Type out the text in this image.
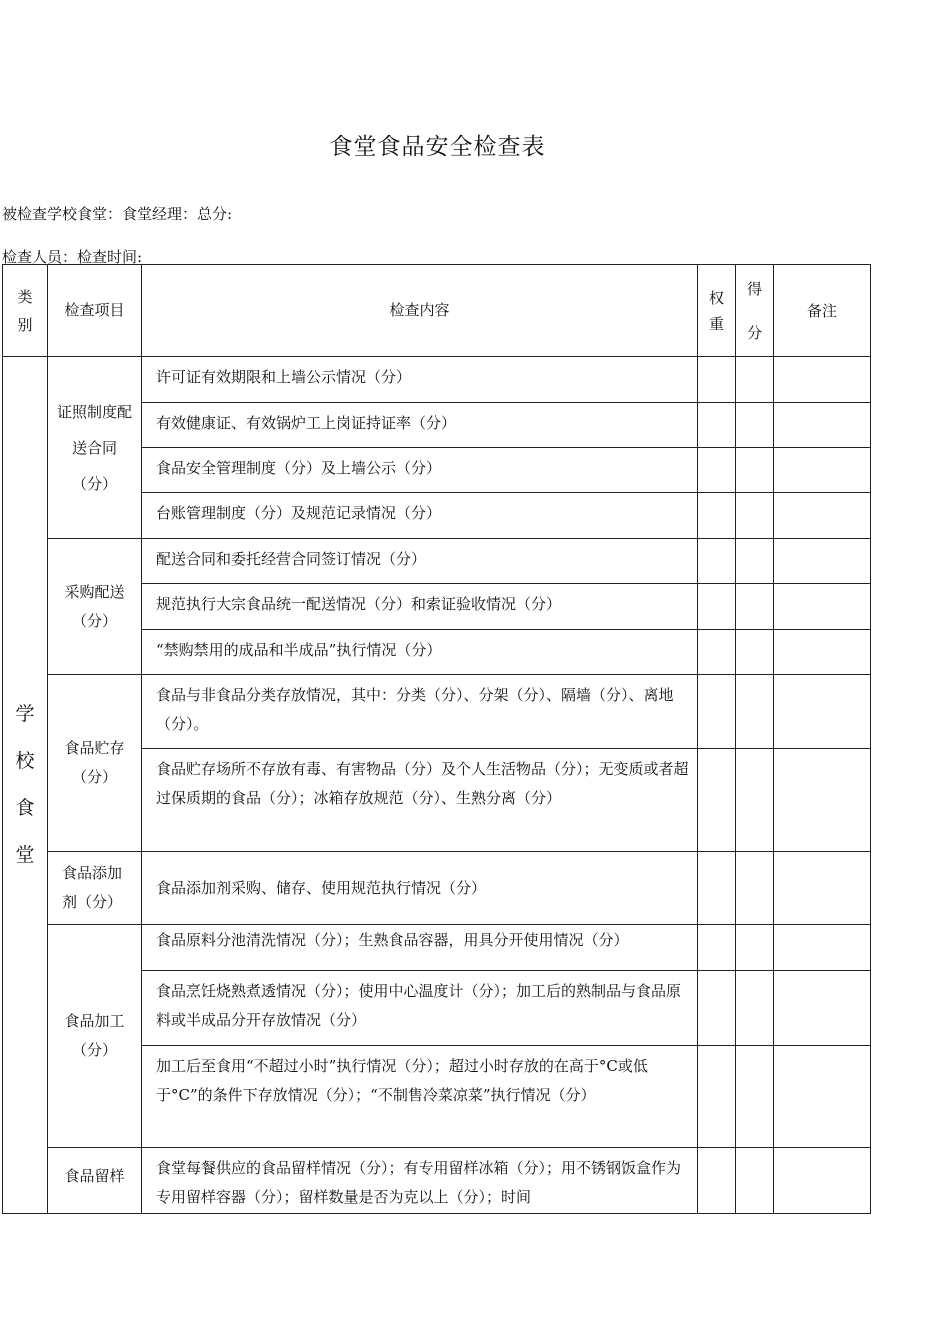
食堂食品安全检查表
被检查学校食堂：食堂经理：总分:
检查人员：检查时间:
类别	检查项目	检查内容	权重	得分	备注
学校食堂	证照制度配送合同（分）	许可证有效期限和上墙公示情况（分）			
		有效健康证、有效锅炉工上岗证持证率（分）			
		食品安全管理制度（分）及上墙公示（分）			
		台账管理制度（分）及规范记录情况（分）			
	采购配送（分）	配送合同和委托经营合同签订情况（分）			
		规范执行大宗食品统一配送情况（分）和索证验收情况（分）			
		“禁购禁用的成品和半成品”执行情况（分）			
	食品贮存（分）	食品与非食品分类存放情况，其中：分类（分）、分架（分）、隔墙（分）、离地（分）。			
		食品贮存场所不存放有毒、有害物品（分）及个人生活物品（分）；无变质或者超过保质期的食品（分）；冰箱存放规范（分）、生熟分离（分）			
	食品添加剂（分）	食品添加剂采购、储存、使用规范执行情况（分）			
	食品加工（分）	食品原料分池清洗情况（分）；生熟食品容器，用具分开使用情况（分）			
		食品烹饪烧熟煮透情况（分）；使用中心温度计（分）；加工后的熟制品与食品原料或半成品分开存放情况（分）			
		加工后至食用“不超过小时”执行情况（分）；超过小时存放的在高于°C或低于°C”的条件下存放情况（分）；“不制售冷菜凉菜”执行情况（分）			
	食品留样	食堂每餐供应的食品留样情况（分）；有专用留样冰箱（分）；用不锈钢饭盒作为专用留样容器（分）；留样数量是否为克以上（分）；时间			
